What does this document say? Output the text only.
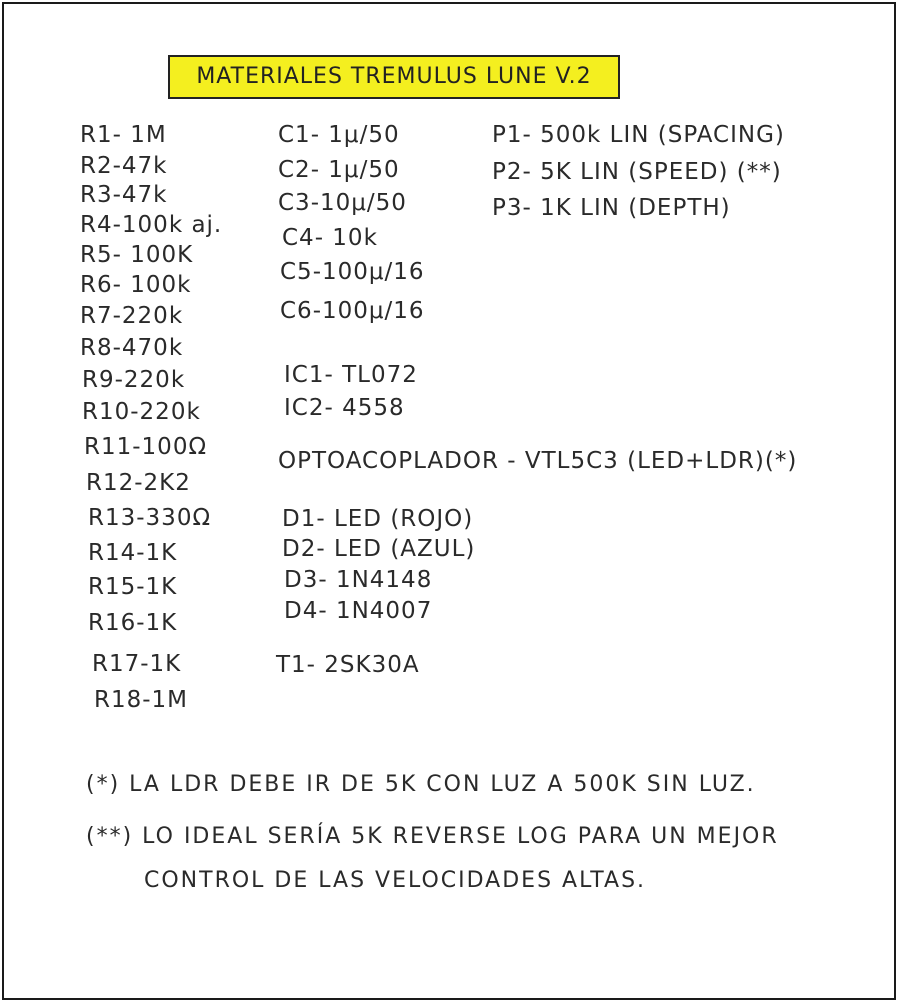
MATERIALES TREMULUS LUNE V.2

R1- 1M

R2-47k

R3-47k

R4-100k aj.

R5- 100K

R6- 100k

R7-220k

R8-470k

R9-220k

R10-220k

R11-100Ω

R12-2K2

R13-330Ω

R14-1K

R15-1K

R16-1K

R17-1K

R18-1M

C1- 1μ/50

C2- 1μ/50

C3-10μ/50

C4- 10k

C5-100μ/16

C6-100μ/16

IC1- TL072

IC2- 4558

OPTOACOPLADOR - VTL5C3 (LED+LDR)(*)

D1- LED (ROJO)

D2- LED (AZUL)

D3- 1N4148

D4- 1N4007

T1- 2SK30A

P1- 500k LIN (SPACING)

P2- 5K LIN (SPEED) (**)

P3- 1K LIN (DEPTH)

(*) LA LDR DEBE IR DE 5K CON LUZ A 500K SIN LUZ.

(**) LO IDEAL SERÍA 5K REVERSE LOG PARA UN MEJOR

CONTROL DE LAS VELOCIDADES ALTAS.
